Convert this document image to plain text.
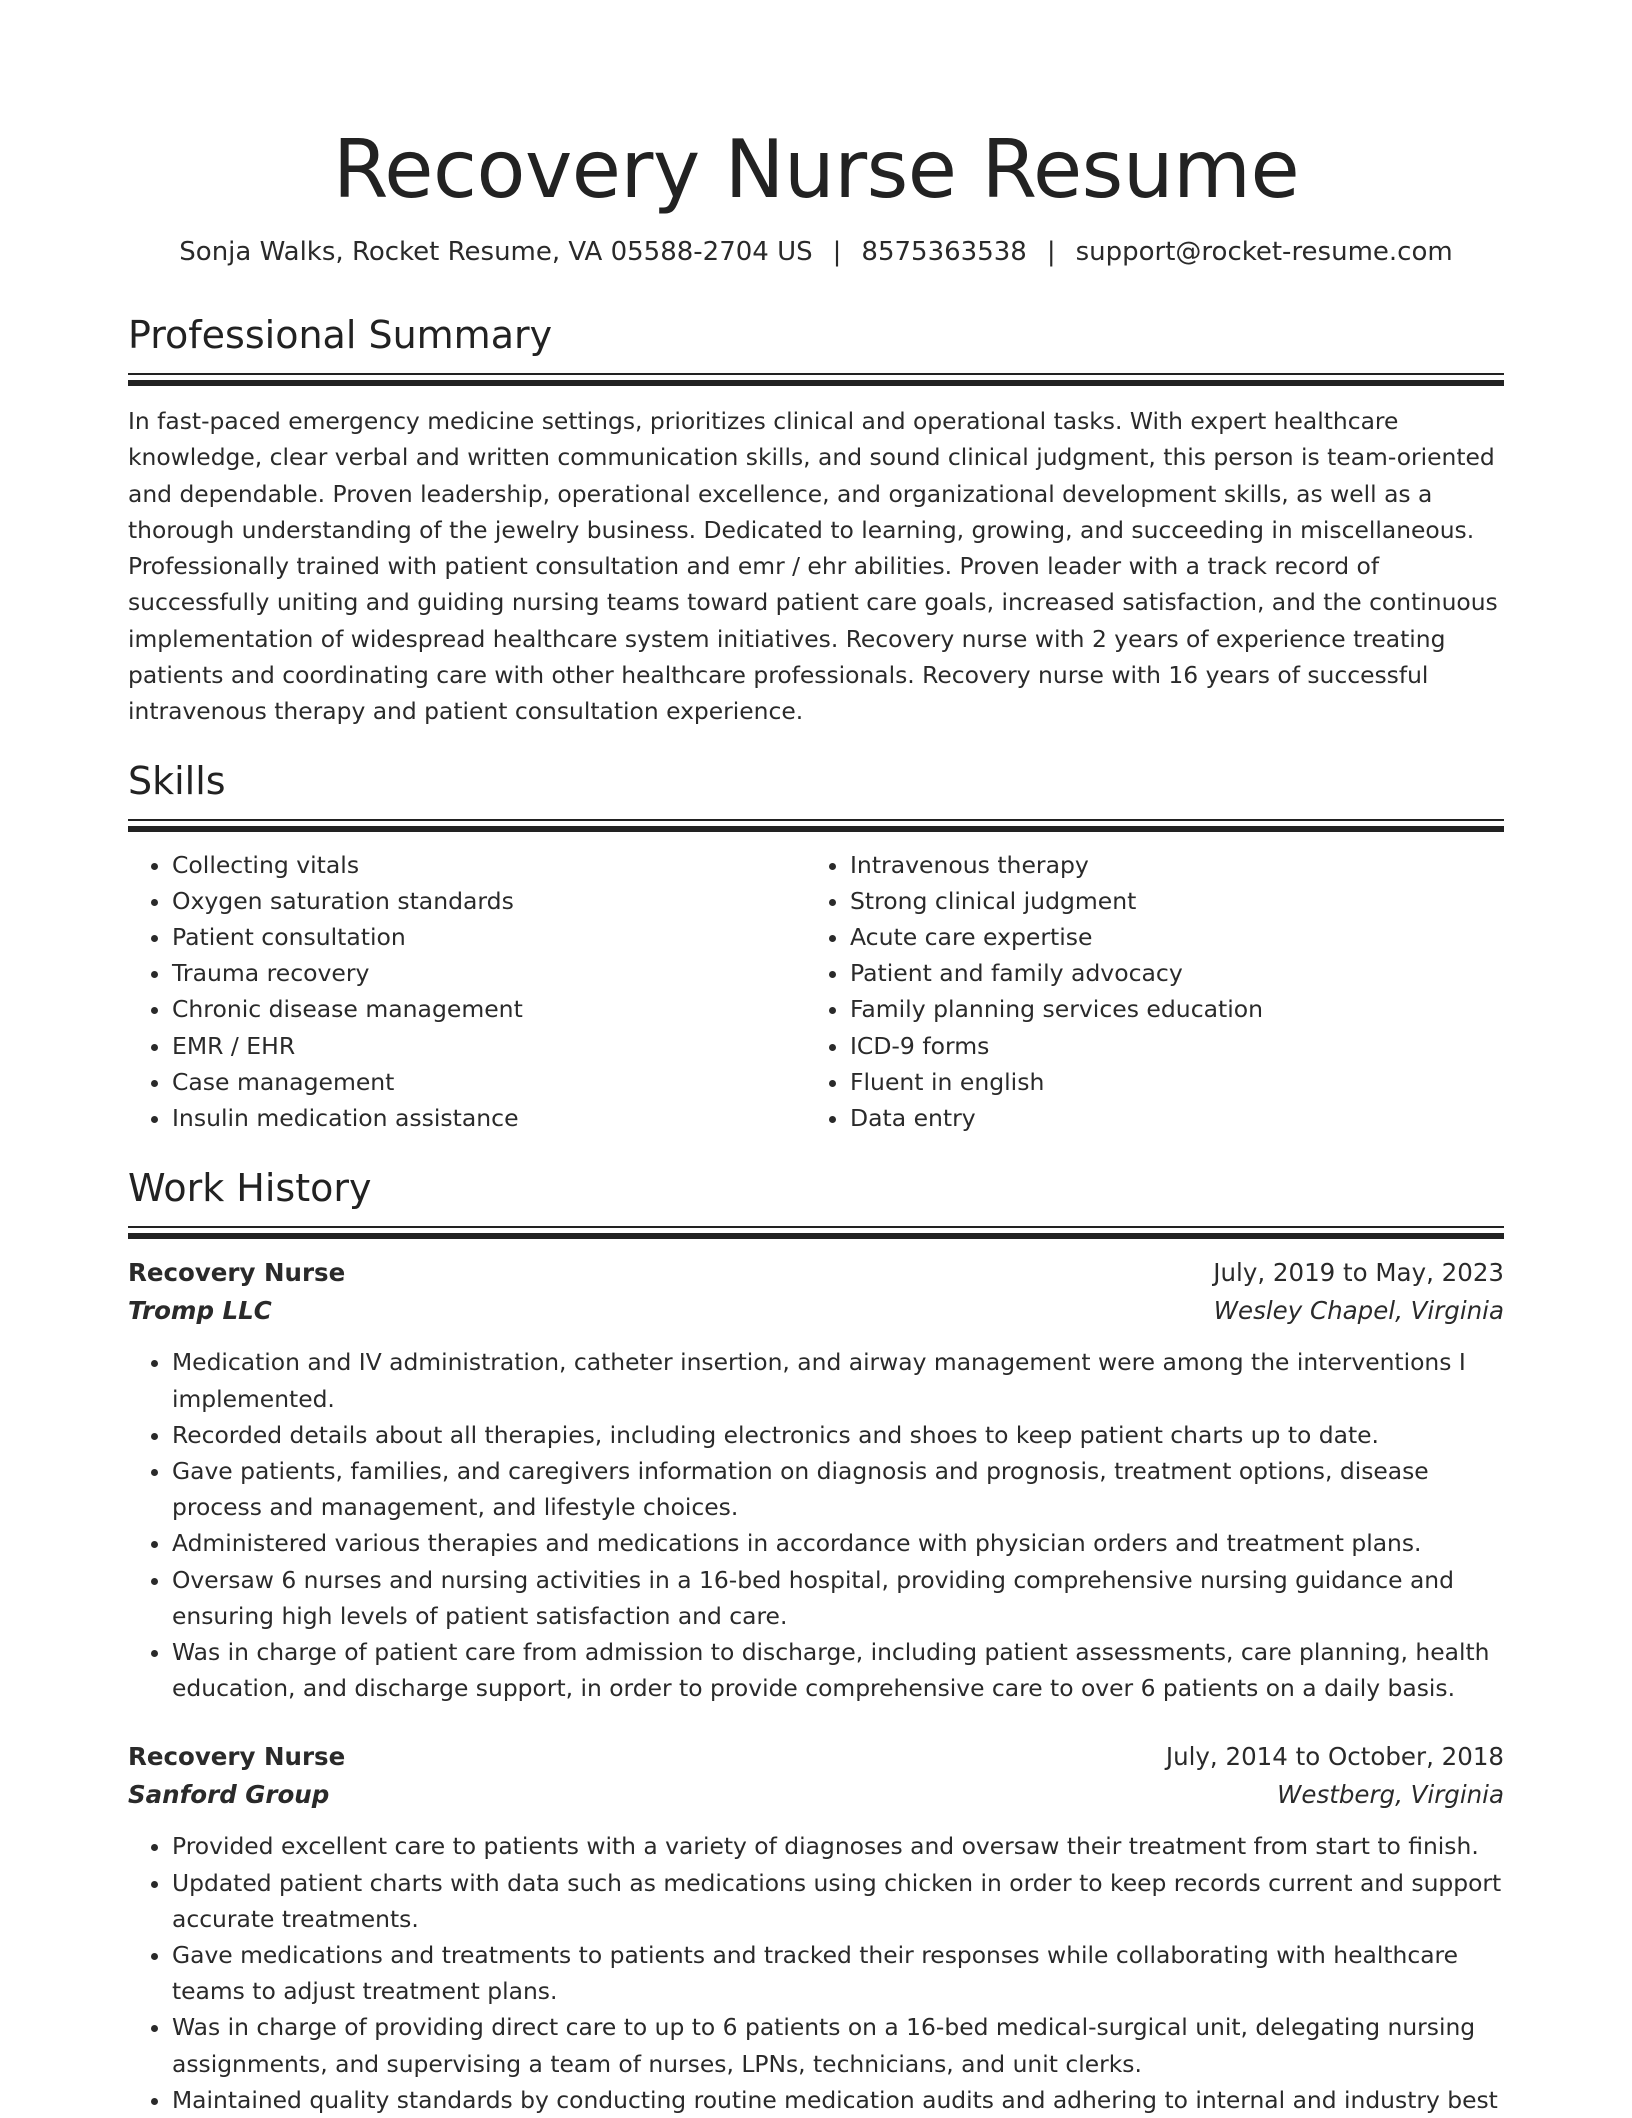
Recovery Nurse Resume
Sonja Walks, Rocket Resume, VA 05588-2704 US | 8575363538 | support@rocket-resume.com
Professional Summary

In fast-paced emergency medicine settings, prioritizes clinical and operational tasks. With expert healthcare knowledge, clear verbal and written communication skills, and sound clinical judgment, this person is team-oriented and dependable. Proven leadership, operational excellence, and organizational development skills, as well as a thorough understanding of the jewelry business. Dedicated to learning, growing, and succeeding in miscellaneous. Professionally trained with patient consultation and emr / ehr abilities. Proven leader with a track record of successfully uniting and guiding nursing teams toward patient care goals, increased satisfaction, and the continuous implementation of widespread healthcare system initiatives. Recovery nurse with 2 years of experience treating patients and coordinating care with other healthcare professionals. Recovery nurse with 16 years of successful intravenous therapy and patient consultation experience.

Skills
• Collecting vitals
• Oxygen saturation standards
• Patient consultation
• Trauma recovery
• Chronic disease management
• EMR / EHR
• Case management
• Insulin medication assistance
• Intravenous therapy
• Strong clinical judgment
• Acute care expertise
• Patient and family advocacy
• Family planning services education
• ICD-9 forms
• Fluent in english
• Data entry
Work History
Recovery Nurse	July, 2019 to May, 2023
Tromp LLC	Wesley Chapel, Virginia
• Medication and IV administration, catheter insertion, and airway management were among the interventions I implemented.
• Recorded details about all therapies, including electronics and shoes to keep patient charts up to date.
• Gave patients, families, and caregivers information on diagnosis and prognosis, treatment options, disease process and management, and lifestyle choices.
• Administered various therapies and medications in accordance with physician orders and treatment plans.
• Oversaw 6 nurses and nursing activities in a 16-bed hospital, providing comprehensive nursing guidance and ensuring high levels of patient satisfaction and care.
• Was in charge of patient care from admission to discharge, including patient assessments, care planning, health education, and discharge support, in order to provide comprehensive care to over 6 patients on a daily basis.
Recovery Nurse	July, 2014 to October, 2018
Sanford Group	Westberg, Virginia
• Provided excellent care to patients with a variety of diagnoses and oversaw their treatment from start to finish.
• Updated patient charts with data such as medications using chicken in order to keep records current and support accurate treatments.
• Gave medications and treatments to patients and tracked their responses while collaborating with healthcare teams to adjust treatment plans.
• Was in charge of providing direct care to up to 6 patients on a 16-bed medical-surgical unit, delegating nursing assignments, and supervising a team of nurses, LPNs, technicians, and unit clerks.
• Maintained quality standards by conducting routine medication audits and adhering to internal and industry best
